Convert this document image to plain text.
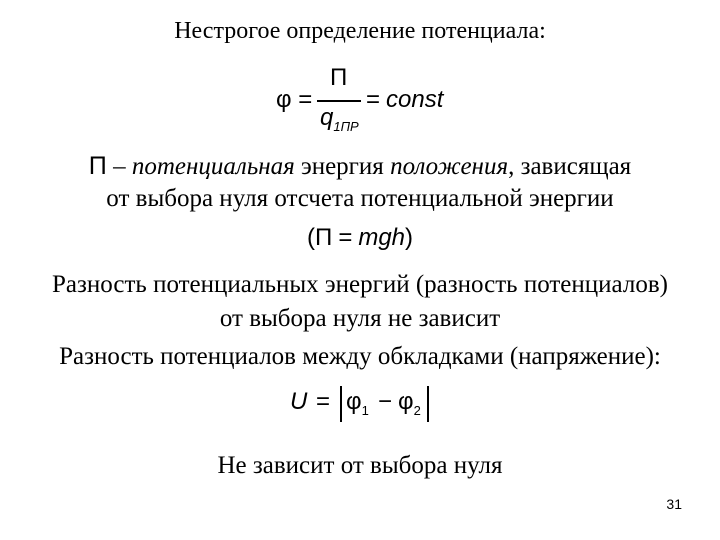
Нестрогое определение потенциала:
φ =
Π
$q_{1ПР}$
= const
Π – потенциальная энергия положения, зависящая
от выбора нуля отсчета потенциальной энергии
(Π = mgh)
Разность потенциальных энергий (разность потенциалов)
от выбора нуля не зависит
Разность потенциалов между обкладками (напряжение):
$U = \varphi_1 - \varphi_2$
Не зависит от выбора нуля
31
